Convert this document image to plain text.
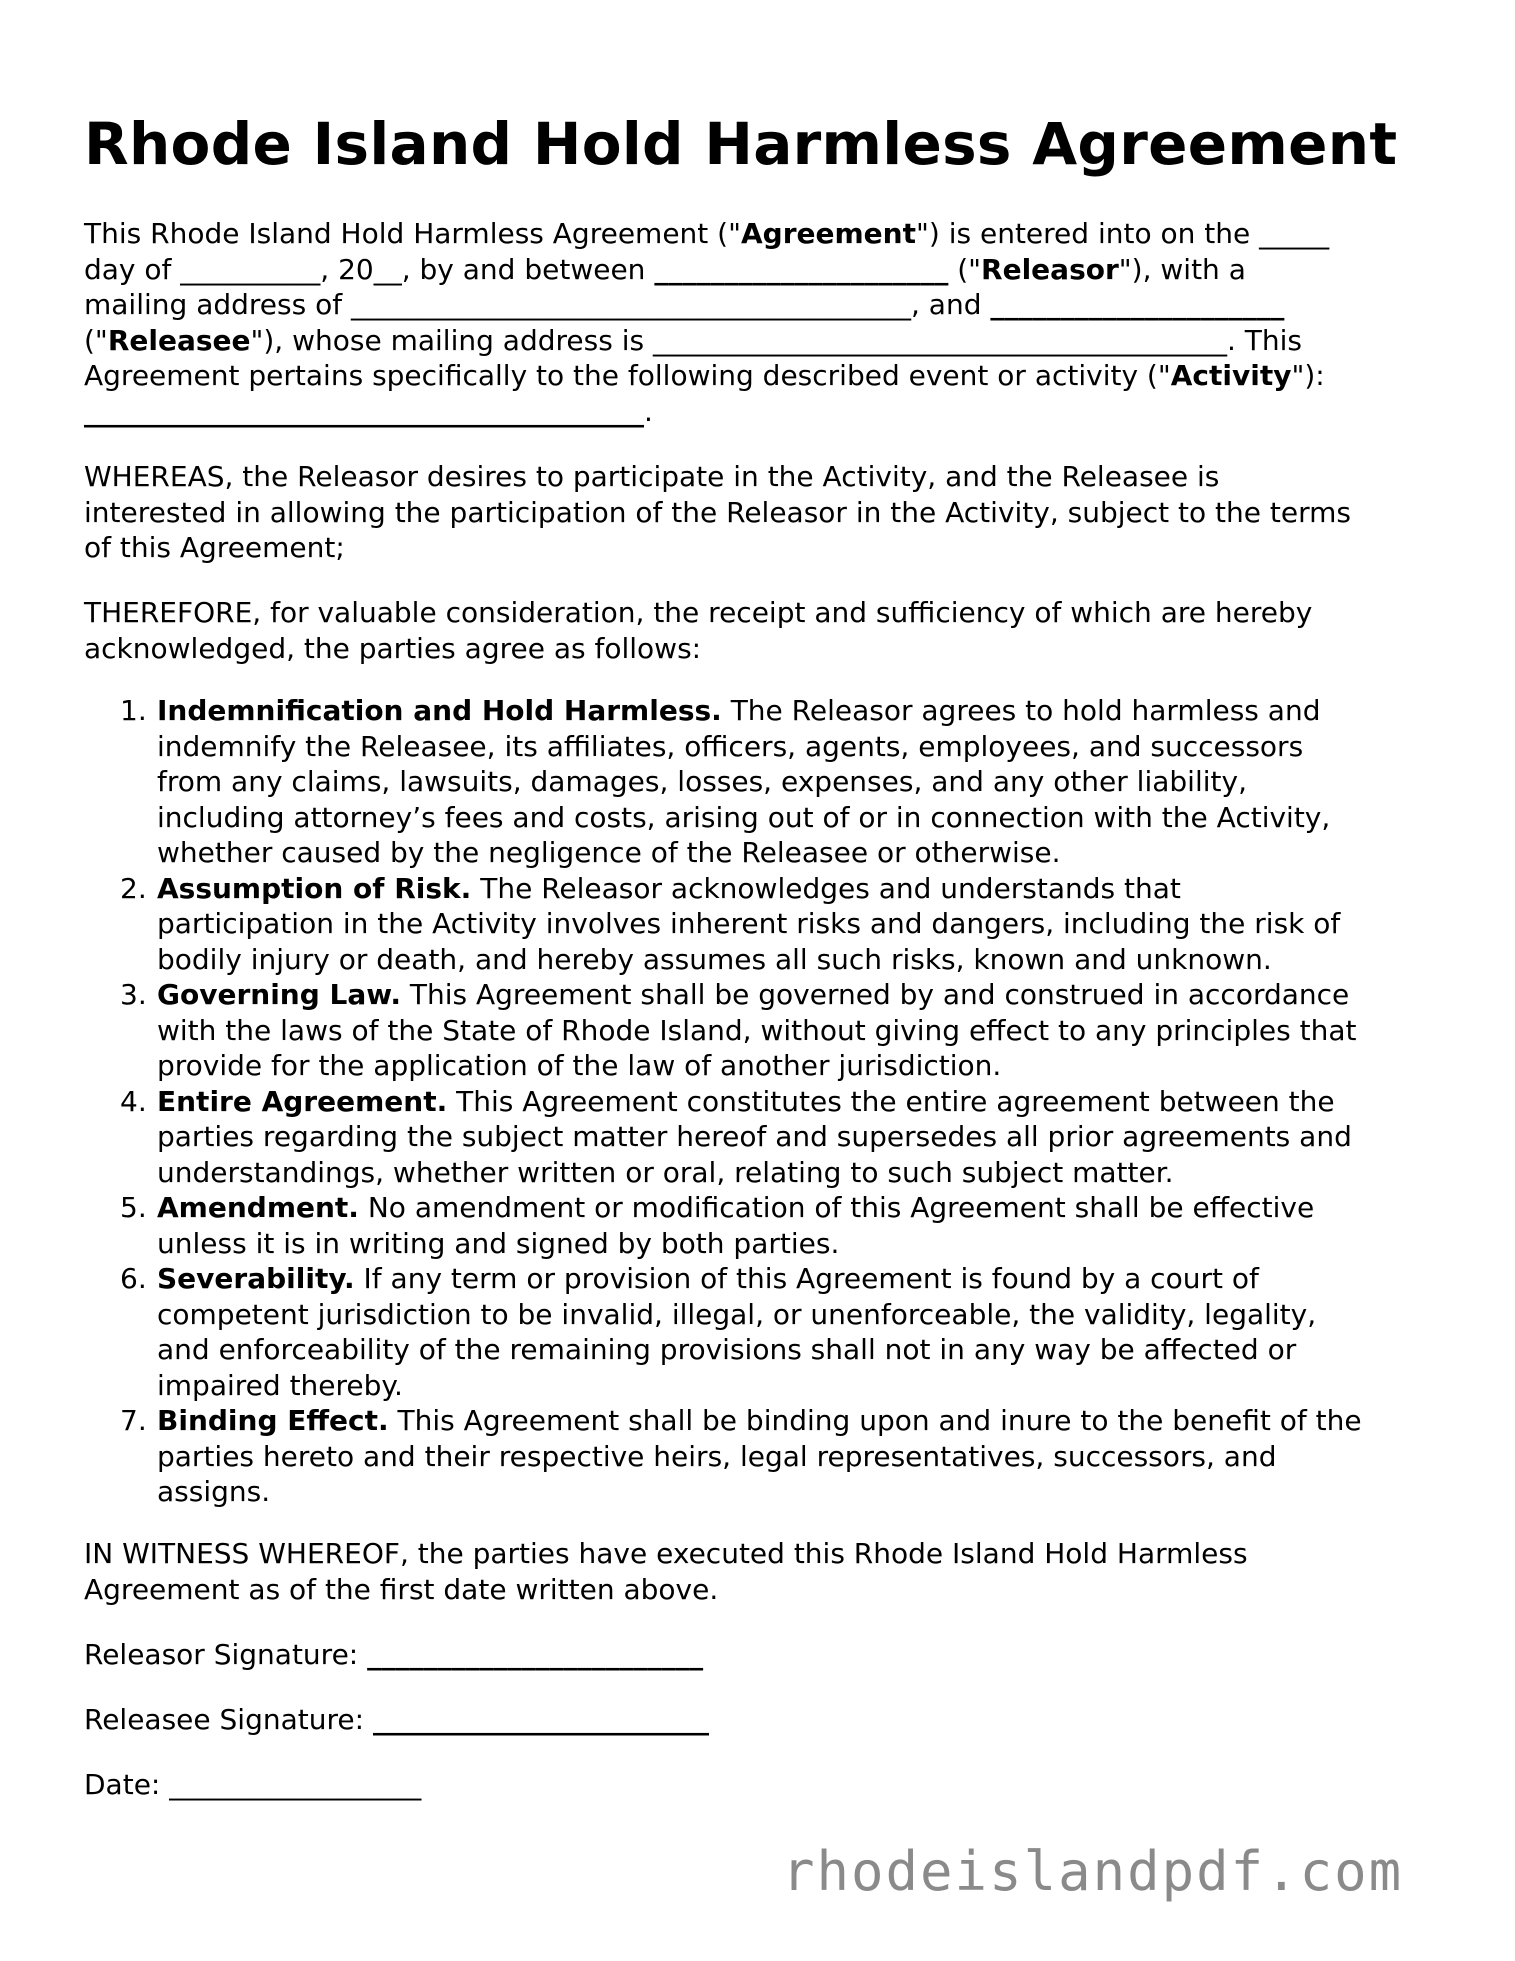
Rhode Island Hold Harmless Agreement
This Rhode Island Hold Harmless Agreement ("Agreement") is entered into on the _____
day of __________, 20__, by and between _____________________ ("Releasor"), with a
mailing address of ________________________________________, and _____________________
("Releasee"), whose mailing address is _________________________________________. This
Agreement pertains specifically to the following described event or activity ("Activity"):
________________________________________.
WHEREAS, the Releasor desires to participate in the Activity, and the Releasee is
interested in allowing the participation of the Releasor in the Activity, subject to the terms
of this Agreement;
THEREFORE, for valuable consideration, the receipt and sufficiency of which are hereby
acknowledged, the parties agree as follows:
1. Indemnification and Hold Harmless. The Releasor agrees to hold harmless and
indemnify the Releasee, its affiliates, officers, agents, employees, and successors
from any claims, lawsuits, damages, losses, expenses, and any other liability,
including attorney’s fees and costs, arising out of or in connection with the Activity,
whether caused by the negligence of the Releasee or otherwise.
2. Assumption of Risk. The Releasor acknowledges and understands that
participation in the Activity involves inherent risks and dangers, including the risk of
bodily injury or death, and hereby assumes all such risks, known and unknown.
3. Governing Law. This Agreement shall be governed by and construed in accordance
with the laws of the State of Rhode Island, without giving effect to any principles that
provide for the application of the law of another jurisdiction.
4. Entire Agreement. This Agreement constitutes the entire agreement between the
parties regarding the subject matter hereof and supersedes all prior agreements and
understandings, whether written or oral, relating to such subject matter.
5. Amendment. No amendment or modification of this Agreement shall be effective
unless it is in writing and signed by both parties.
6. Severability. If any term or provision of this Agreement is found by a court of
competent jurisdiction to be invalid, illegal, or unenforceable, the validity, legality,
and enforceability of the remaining provisions shall not in any way be affected or
impaired thereby.
7. Binding Effect. This Agreement shall be binding upon and inure to the benefit of the
parties hereto and their respective heirs, legal representatives, successors, and
assigns.
IN WITNESS WHEREOF, the parties have executed this Rhode Island Hold Harmless
Agreement as of the first date written above.
Releasor Signature: ________________________
Releasee Signature: ________________________
Date: __________________
rhodeislandpdf.com
